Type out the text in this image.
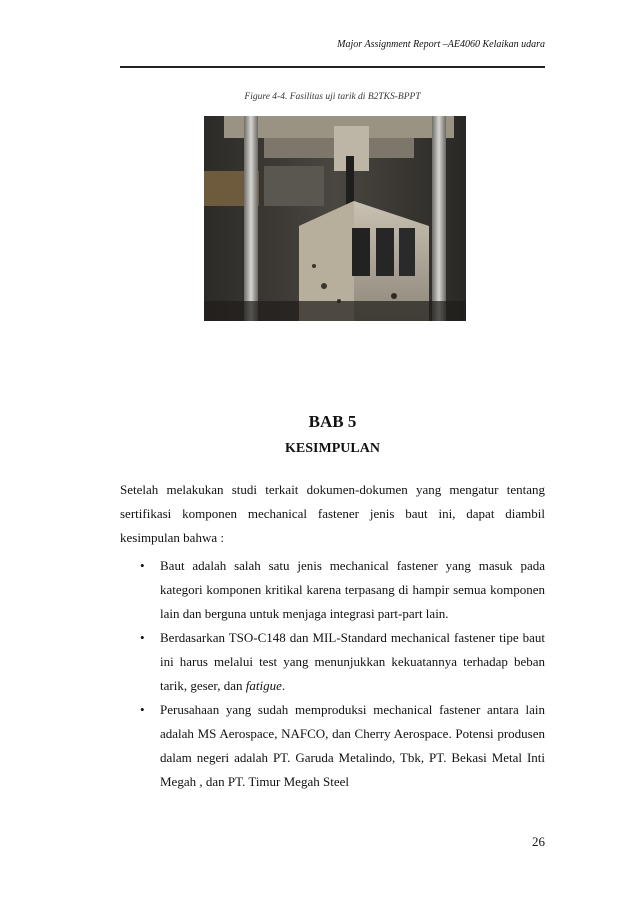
Major Assignment Report –AE4060 Kelaikan udara
Figure 4-4. Fasilitas uji tarik di B2TKS-BPPT
BAB 5
KESIMPULAN
Setelah melakukan studi terkait dokumen-dokumen yang mengatur tentang sertifikasi komponen mechanical fastener jenis baut ini, dapat diambil kesimpulan bahwa :
• Baut adalah salah satu jenis mechanical fastener yang masuk pada kategori komponen kritikal karena terpasang di hampir semua komponen lain dan berguna untuk menjaga integrasi part-part lain.
• Berdasarkan TSO-C148 dan MIL-Standard mechanical fastener tipe baut ini harus melalui test yang menunjukkan kekuatannya terhadap beban tarik, geser, dan fatigue.
• Perusahaan yang sudah memproduksi mechanical fastener antara lain adalah MS Aerospace, NAFCO, dan Cherry Aerospace. Potensi produsen dalam negeri adalah PT. Garuda Metalindo, Tbk, PT. Bekasi Metal Inti Megah , dan PT. Timur Megah Steel
26
